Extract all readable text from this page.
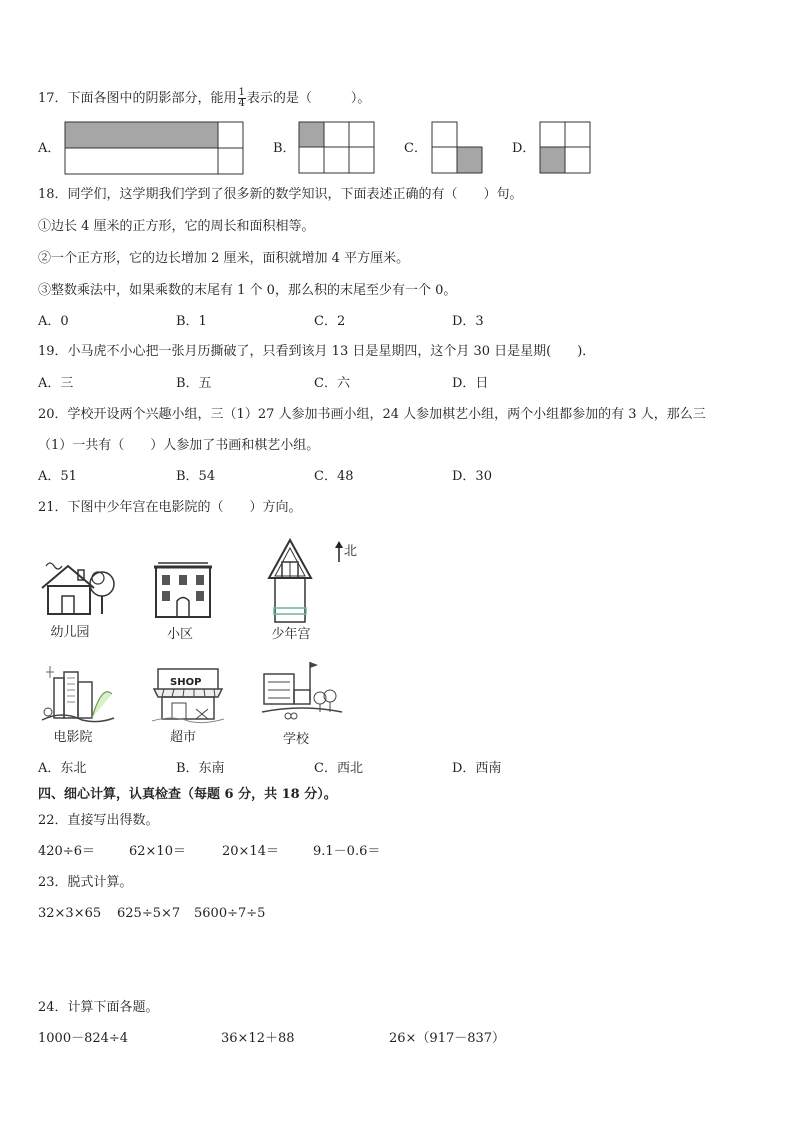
17．下面各图中的阴影部分，能用 $\frac{1}{4}$ 表示的是（　　　）。
A．	B．	C．	D．
18．同学们，这学期我们学到了很多新的数学知识，下面表述正确的有（　　）句。
①边长 4 厘米的正方形，它的周长和面积相等。
②一个正方形，它的边长增加 2 厘米，面积就增加 4 平方厘米。
③整数乘法中，如果乘数的末尾有 1 个 0，那么积的末尾至少有一个 0。
A．0	B．1	C．2	D．3
19．小马虎不小心把一张月历撕破了，只看到该月 13 日是星期四，这个月 30 日是星期(　　)．
A．三	B．五	C．六	D．日
20．学校开设两个兴趣小组，三（1）27 人参加书画小组，24 人参加棋艺小组，两个小组都参加的有 3 人，那么三
（1）一共有（　　）人参加了书画和棋艺小组。
A．51	B．54	C．48	D．30
21．下图中少年宫在电影院的（　　）方向。
北
幼儿园	小区	少年宫
电影院
SHOP
超市	学校
A．东北	B．东南	C．西北	D．西南
四、细心计算，认真检查（每题 6 分，共 18 分）。
22．直接写出得数。
420÷6＝	62×10＝	20×14＝	9.1－0.6＝
23．脱式计算。
32×3×65 625÷5×7 5600÷7÷5
24．计算下面各题。
1000－824÷4	36×12＋88	26×（917－837）
